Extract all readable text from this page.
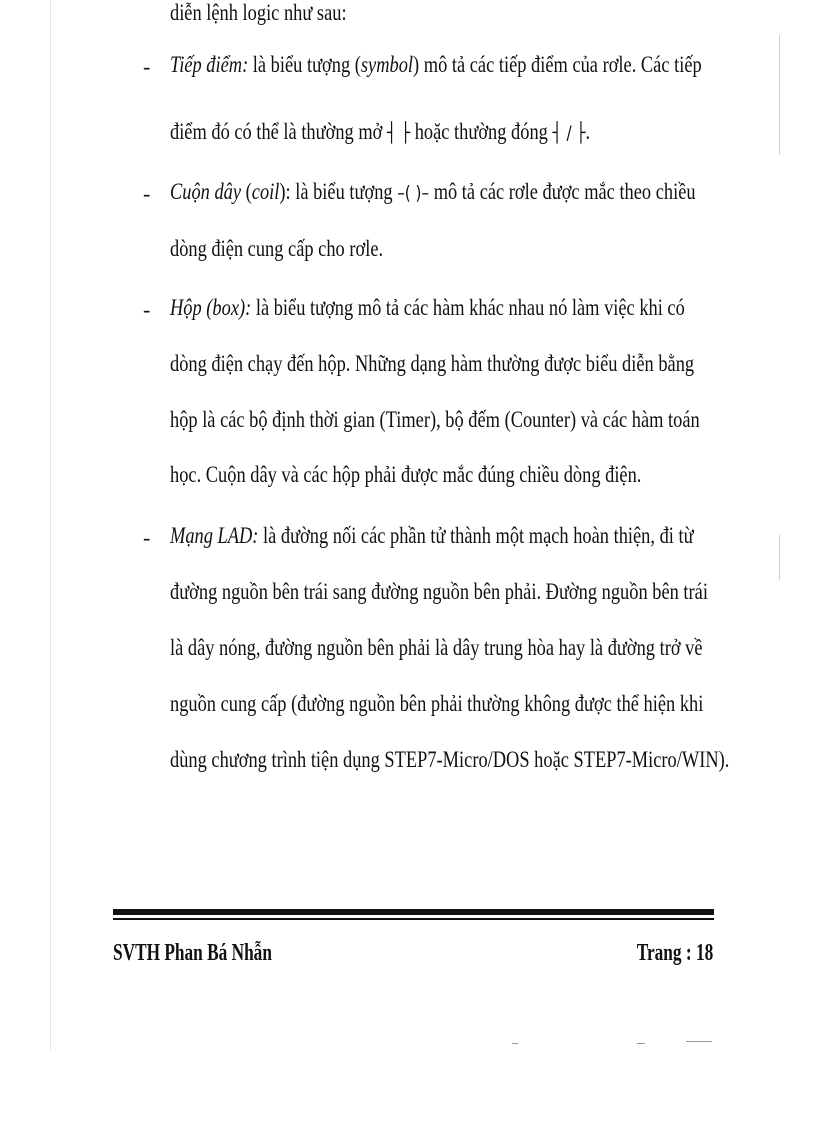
diễn lệnh logic như sau:
- Tiếp điểm: là biểu tượng (symbol) mô tả các tiếp điểm của rơle. Các tiếp
điểm đó có thể là thường mở ┤ ├ hoặc thường đóng ┤ / ├.
- Cuộn dây (coil): là biểu tượng –( )– mô tả các rơle được mắc theo chiều
dòng điện cung cấp cho rơle.
- Hộp (box): là biểu tượng mô tả các hàm khác nhau nó làm việc khi có
dòng điện chạy đến hộp. Những dạng hàm thường được biểu diễn bằng
hộp là các bộ định thời gian (Timer), bộ đếm (Counter) và các hàm toán
học. Cuộn dây và các hộp phải được mắc đúng chiều dòng điện.
- Mạng LAD: là đường nối các phần tử thành một mạch hoàn thiện, đi từ
đường nguồn bên trái sang đường nguồn bên phải. Đường nguồn bên trái
là dây nóng, đường nguồn bên phải là dây trung hòa hay là đường trở về
nguồn cung cấp (đường nguồn bên phải thường không được thể hiện khi
dùng chương trình tiện dụng STEP7-Micro/DOS hoặc STEP7-Micro/WIN).
SVTH Phan Bá Nhẫn	Trang : 18
